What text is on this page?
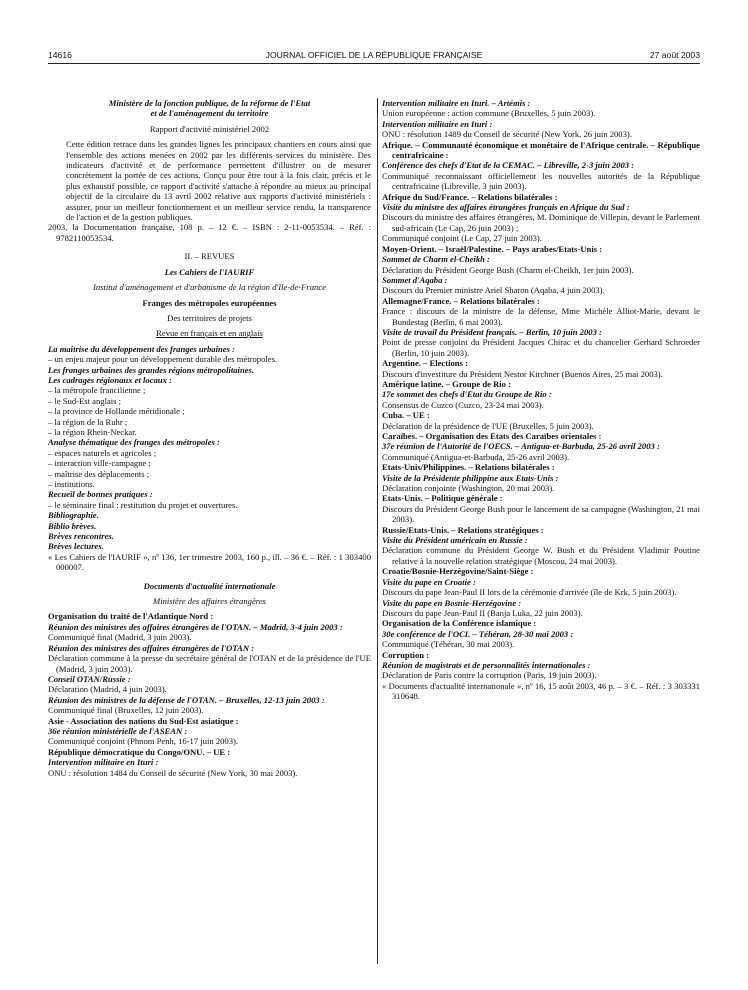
14616	JOURNAL OFFICIEL DE LA RÉPUBLIQUE FRANÇAISE	27 août 2003

Ministère de la fonction publique, de la réforme de l'Etat
et de l'aménagement du territoire

Rapport d'activité ministériel 2002

Cette édition retrace dans les grandes lignes les principaux chantiers en cours ainsi que l'ensemble des actions menées en 2002 par les différents services du ministère. Des indicateurs d'activité et de performance permettent d'illustrer ou de mesurer concrètement la portée de ces actions. Conçu pour être tout à la fois clair, précis et le plus exhaustif possible, ce rapport d'activité s'attache à répondre au mieux au principal objectif de la circulaire du 13 avril 2002 relative aux rapports d'activité ministériels : assurer, pour un meilleur fonctionnement et un meilleur service rendu, la transparence de l'action et de la gestion publiques.

2003, la Documentation française, 108 p. – 12 €. – ISBN : 2-11-0053534. – Réf. : 9782110053534.

II. – REVUES

Les Cahiers de l'IAURIF

Institut d'aménagement et d'urbanisme de la région d'Ile-de-France

Franges des métropoles européennes

Des territoires de projets

Revue en français et en anglais

La maîtrise du développement des franges urbaines :

– un enjeu majeur pour un développement durable des métropoles.

Les franges urbaines des grandes régions métropolitaines.

Les cadrages régionaux et locaux :

– la métropole francilienne ;

– le Sud-Est anglais ;

– la province de Hollande méridionale ;

– la région de la Ruhr ;

– la région Rhein-Neckar.

Analyse thématique des franges des métropoles :

– espaces naturels et agricoles ;

– interaction ville-campagne ;

– maîtrise des déplacements ;

– institutions.

Recueil de bonnes pratiques :

– le séminaire final : restitution du projet et ouvertures.

Bibliographie.

Biblio brèves.

Brèves rencontres.

Brèves lectures.

« Les Cahiers de l'IAURIF », nº 136, 1er trimestre 2003, 160 p., ill. – 36 €. – Réf. : 1 303400 000007.

Documents d'actualité internationale

Ministère des affaires étrangères

Organisation du traité de l'Atlantique Nord :

Réunion des ministres des affaires étrangères de l'OTAN. – Madrid, 3-4 juin 2003 :

Communiqué final (Madrid, 3 juin 2003).

Réunion des ministres des affaires étrangères de l'OTAN :

Déclaration commune à la presse du secrétaire général de l'OTAN et de la présidence de l'UE (Madrid, 3 juin 2003).

Conseil OTAN/Russie :

Déclaration (Madrid, 4 juin 2003).

Réunion des ministres de la défense de l'OTAN. – Bruxelles, 12-13 juin 2003 :

Communiqué final (Bruxelles, 12 juin 2003).

Asie - Association des nations du Sud-Est asiatique :

36e réunion ministérielle de l'ASEAN :

Communiqué conjoint (Phnom Penh, 16-17 juin 2003).

République démocratique du Congo/ONU. – UE :

Intervention militaire en Ituri :

ONU : résolution 1484 du Conseil de sécurité (New York, 30 mai 2003).

Intervention militaire en Ituri. – Artémis :

Union européenne : action commune (Bruxelles, 5 juin 2003).

Intervention militaire en Ituri :

ONU : résolution 1489 du Conseil de sécurité (New York, 26 juin 2003).

Afrique. – Communauté économique et monétaire de l'Afrique centrale. – République centrafricaine :

Conférence des chefs d'Etat de la CEMAC. – Libreville, 2-3 juin 2003 :

Communiqué reconnaissant officiellement les nouvelles autorités de la République centrafricaine (Libreville, 3 juin 2003).

Afrique du Sud/France. – Relations bilatérales :

Visite du ministre des affaires étrangères français en Afrique du Sud :

Discours du ministre des affaires étrangères, M. Dominique de Villepin, devant le Parlement sud-africain (Le Cap, 26 juin 2003) ;

Communiqué conjoint (Le Cap, 27 juin 2003).

Moyen-Orient. – Israël/Palestine. – Pays arabes/Etats-Unis :

Sommet de Charm el-Cheikh :

Déclaration du Président George Bush (Charm el-Cheikh, 1er juin 2003).

Sommet d'Aqaba :

Discours du Premier ministre Ariel Sharon (Aqaba, 4 juin 2003).

Allemagne/France. – Relations bilatérales :

France : discours de la ministre de la défense, Mme Michèle Alliot-Marie, devant le Bundestag (Berlin, 6 mai 2003).

Visite de travail du Président français. – Berlin, 10 juin 2003 :

Point de presse conjoint du Président Jacques Chirac et du chancelier Gerhard Schroeder (Berlin, 10 juin 2003).

Argentine. – Elections :

Discours d'investiture du Président Nestor Kirchner (Buenos Aires, 25 mai 2003).

Amérique latine. – Groupe de Rio :

17e sommet des chefs d'Etat du Groupe de Rio :

Consensus de Cuzco (Cuzco, 23-24 mai 2003).

Cuba. – UE :

Déclaration de la présidence de l'UE (Bruxelles, 5 juin 2003).

Caraïbes. – Organisation des Etats des Caraïbes orientales :

37e réunion de l'Autorité de l'OECS. – Antigua-et-Barbuda, 25-26 avril 2003 :

Communiqué (Antigua-et-Barbuda, 25-26 avril 2003).

Etats-Unis/Philippines. – Relations bilatérales :

Visite de la Présidente philippine aux Etats-Unis :

Déclaration conjointe (Washington, 20 mai 2003).

Etats-Unis. – Politique générale :

Discours du Président George Bush pour le lancement de sa campagne (Washington, 21 mai 2003).

Russie/Etats-Unis. – Relations stratégiques :

Visite du Président américain en Russie :

Déclaration commune du Président George W. Bush et du Président Vladimir Poutine relative à la nouvelle relation stratégique (Moscou, 24 mai 2003).

Croatie/Bosnie-Herzégovine/Saint-Siège :

Visite du pape en Croatie :

Discours du pape Jean-Paul II lors de la cérémonie d'arrivée (île de Krk, 5 juin 2003).

Visite du pape en Bosnie-Herzégovine :

Discours du pape Jean-Paul II (Banja Luka, 22 juin 2003).

Organisation de la Conférence islamique :

30e conférence de l'OCI. – Téhéran, 28-30 mai 2003 :

Communiqué (Téhéran, 30 mai 2003).

Corruption :

Réunion de magistrats et de personnalités internationales :

Déclaration de Paris contre la corruption (Paris, 19 juin 2003).

« Documents d'actualité internationale », nº 16, 15 août 2003, 46 p. – 3 €. – Réf. : 3 303331 310648.
